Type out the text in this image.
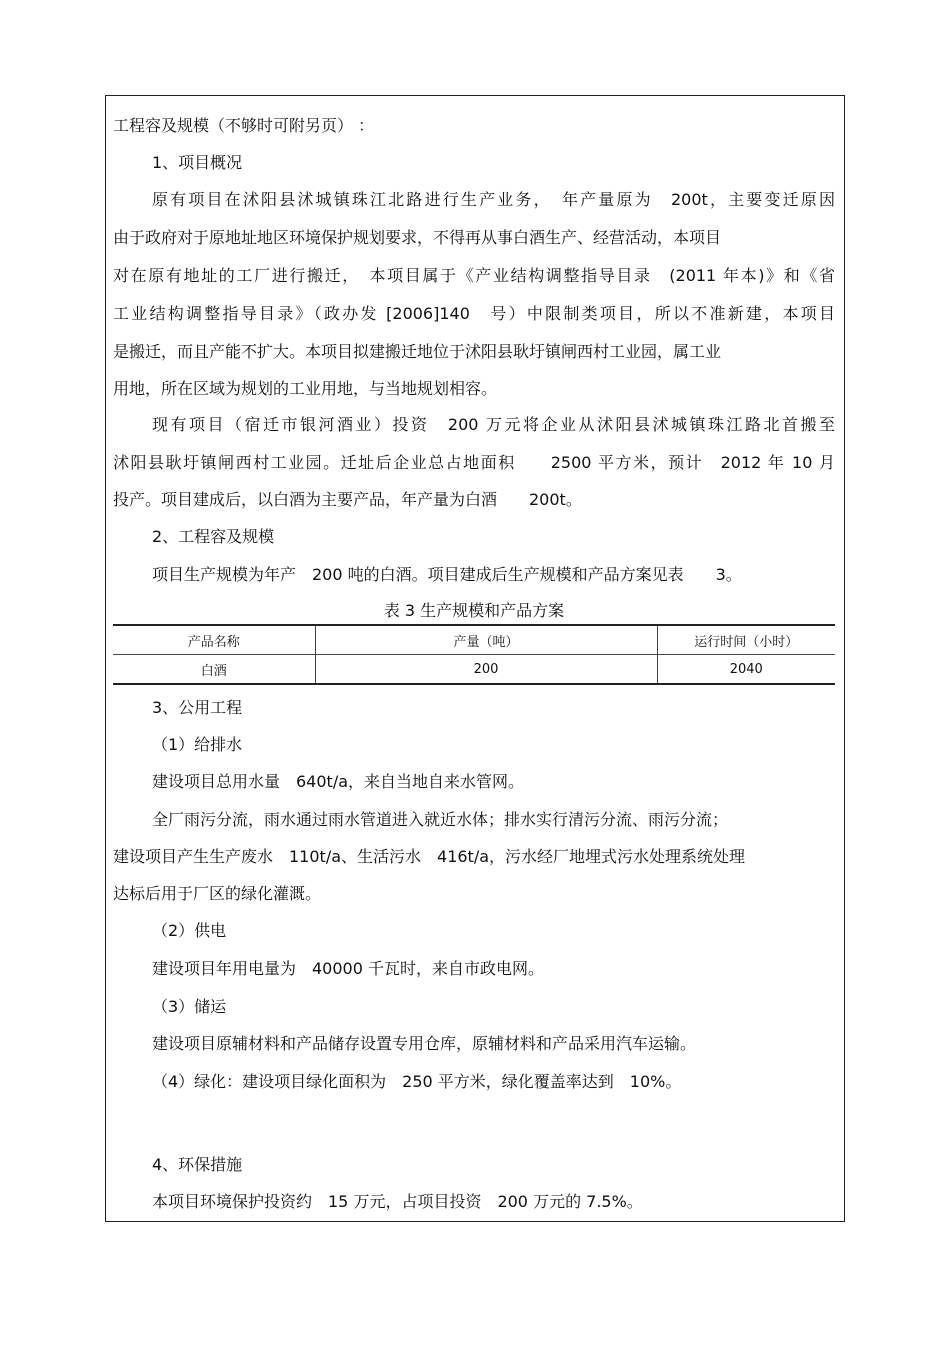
工程容及规模（不够时可附另页） ：
1、项目概况
原有项目在沭阳县沭城镇珠江北路进行生产业务，　年产量原为　200t，主要变迁原因
由于政府对于原地址地区环境保护规划要求，不得再从事白酒生产、经营活动，本项目
对在原有地址的工厂进行搬迁，　本项目属于《产业结构调整指导目录　(2011 年本)》和《省
工业结构调整指导目录》（政办发 [2006]140　号）中限制类项目，所以不准新建，本项目
是搬迁，而且产能不扩大。本项目拟建搬迁地位于沭阳县耿圩镇闸西村工业园，属工业
用地，所在区域为规划的工业用地，与当地规划相容。
现有项目（宿迁市银河酒业）投资　200 万元将企业从沭阳县沭城镇珠江路北首搬至
沭阳县耿圩镇闸西村工业园。迁址后企业总占地面积　　2500 平方米，预计　2012 年 10 月
投产。项目建成后，以白酒为主要产品，年产量为白酒　　200t。
2、工程容及规模
项目生产规模为年产　200 吨的白酒。项目建成后生产规模和产品方案见表　　3。
表 3 生产规模和产品方案
产品名称	产量（吨）	运行时间（小时）
白酒	200	2040
3、公用工程
（1）给排水
建设项目总用水量　640t/a，来自当地自来水管网。
全厂雨污分流，雨水通过雨水管道进入就近水体；排水实行清污分流、雨污分流；
建设项目产生生产废水　110t/a、生活污水　416t/a，污水经厂地埋式污水处理系统处理
达标后用于厂区的绿化灌溉。
（2）供电
建设项目年用电量为　40000 千瓦时，来自市政电网。
（3）储运
建设项目原辅材料和产品储存设置专用仓库，原辅材料和产品采用汽车运输。
（4）绿化：建设项目绿化面积为　250 平方米，绿化覆盖率达到　10%。
4、环保措施
本项目环境保护投资约　15 万元，占项目投资　200 万元的 7.5%。
